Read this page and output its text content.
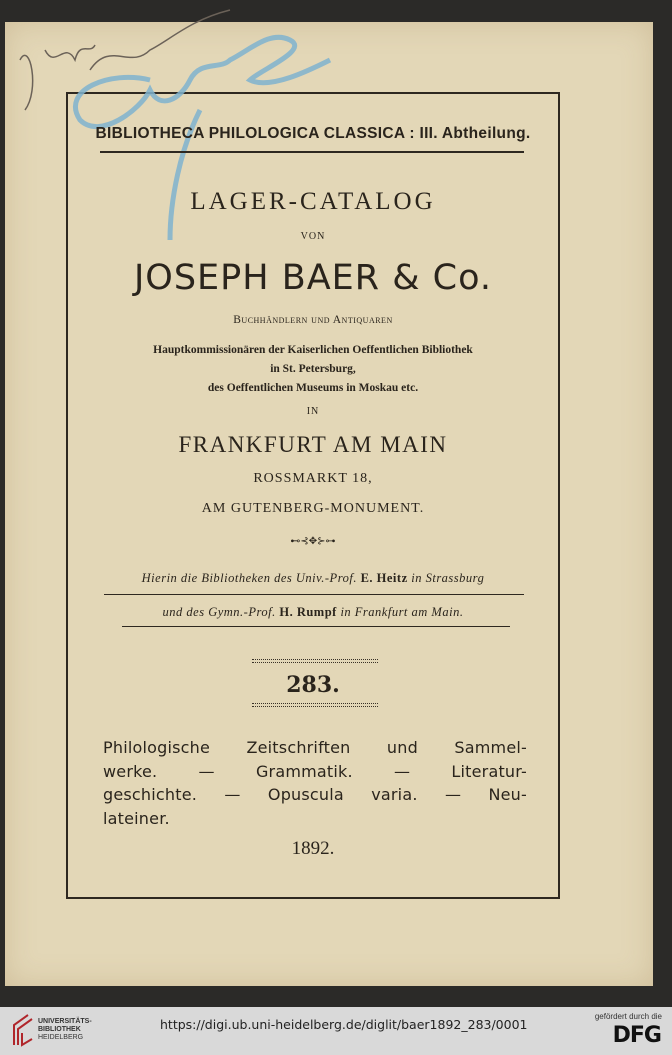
BIBLIOTHECA PHILOLOGICA CLASSICA : III. Abtheilung.
LAGER-CATALOG
VON
JOSEPH BAER & Co.
Buchhändlern und Antiquaren
Hauptkommissionären der Kaiserlichen Oeffentlichen Bibliothek
in St. Petersburg,
des Oeffentlichen Museums in Moskau etc.
IN
FRANKFURT AM MAIN
ROSSMARKT 18,
AM GUTENBERG-MONUMENT.
⊷⊰✥⊱⊶
Hierin die Bibliotheken des Univ.-Prof. E. Heitz in Strassburg
und des Gymn.-Prof. H. Rumpf in Frankfurt am Main.
283.
Philologische Zeitschriften und Sammel-
werke. — Grammatik. — Literatur-
geschichte. — Opuscula varia. — Neu-
lateiner.
1892.
UNIVERSITÄTS-
BIBLIOTHEK
HEIDELBERG
https://digi.ub.uni-heidelberg.de/diglit/baer1892_283/0001
gefördert durch die
DFG
